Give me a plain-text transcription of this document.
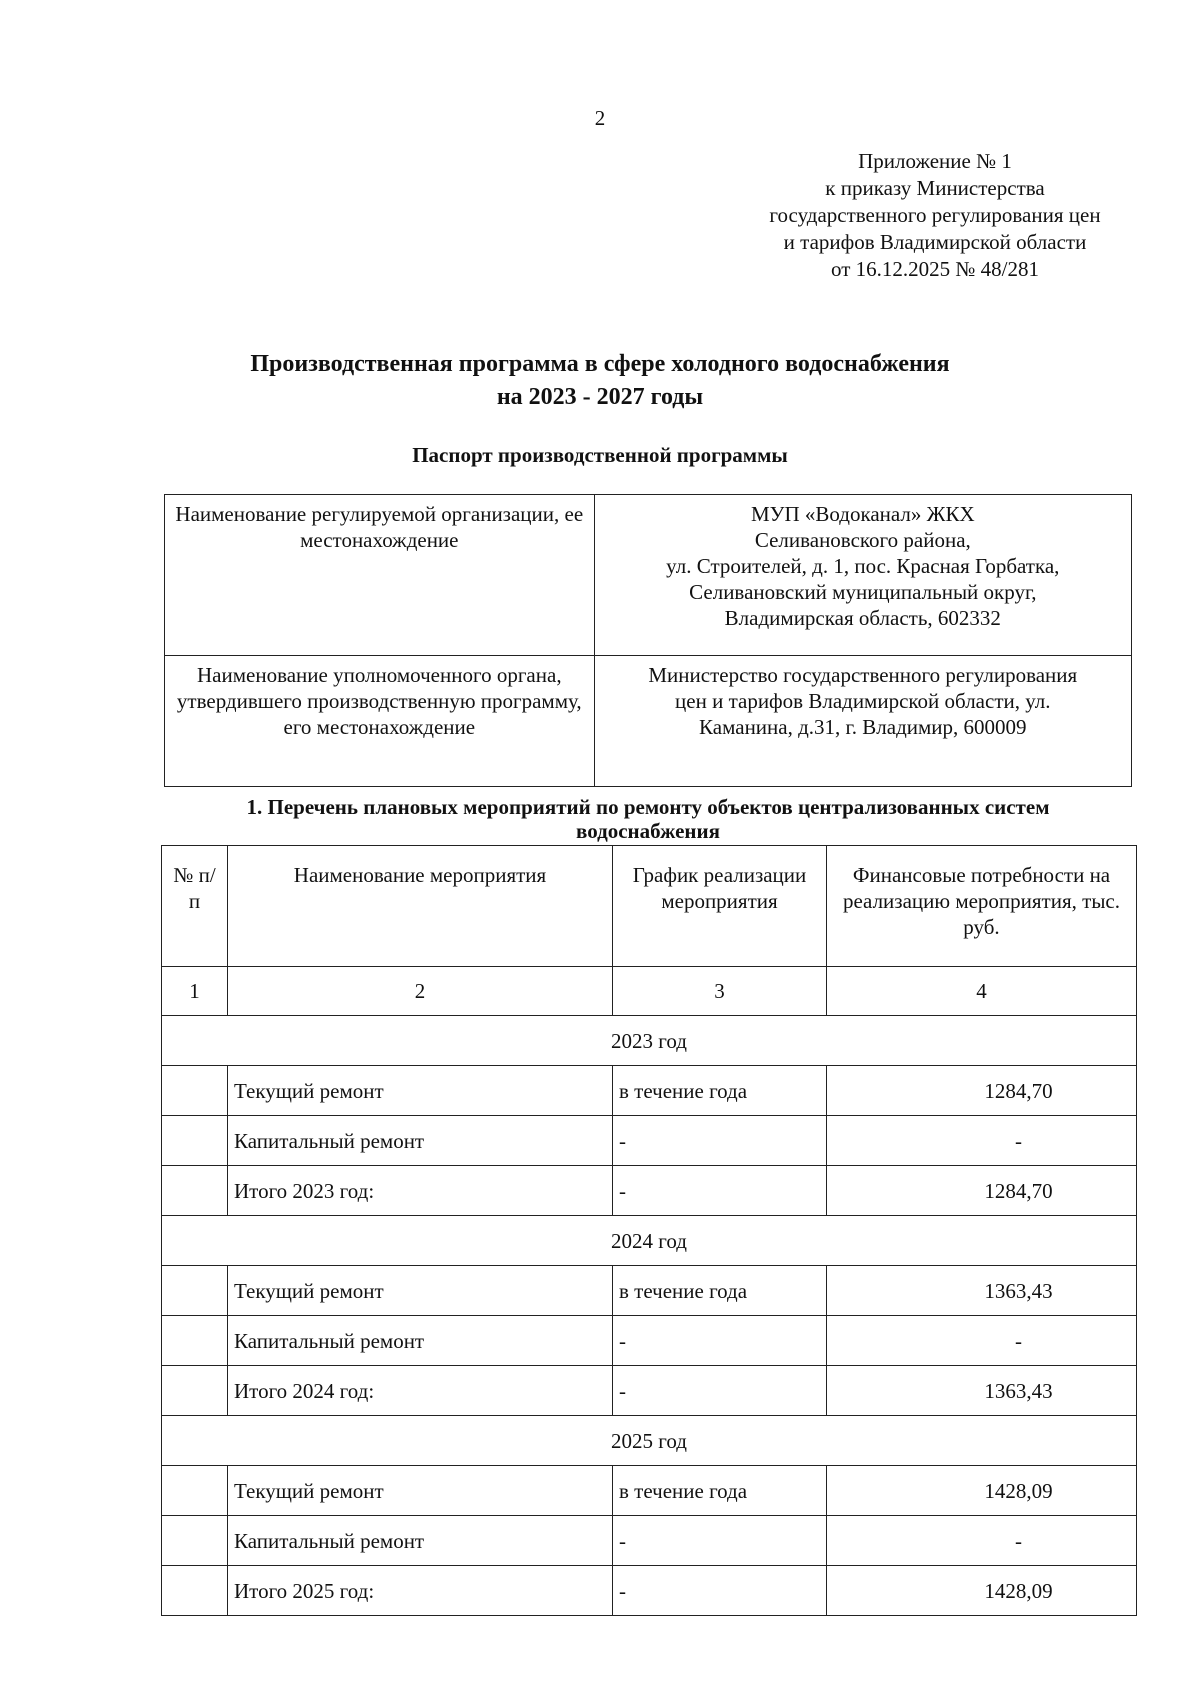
2
Приложение № 1
к приказу Министерства
государственного регулирования цен
и тарифов Владимирской области
от 16.12.2025 № 48/281
Производственная программа в сфере холодного водоснабжения
на 2023 - 2027 годы
Паспорт производственной программы
Наименование регулируемой организации, ее местонахождение	МУП «Водоканал» ЖКХ
Селивановского района,
ул. Строителей, д. 1, пос. Красная Горбатка,
Селивановский муниципальный округ,
Владимирская область, 602332

Наименование уполномоченного органа, утвердившего производственную программу, его местонахождение	Министерство государственного регулирования
цен и тарифов Владимирской области, ул.
Каманина, д.31, г. Владимир, 600009
1. Перечень плановых мероприятий по ремонту объектов централизованных систем
водоснабжения
№ п/п	Наименование мероприятия	График реализации мероприятия	Финансовые потребности на реализацию мероприятия, тыс. руб.
1	2	3	4
2023 год			
	Текущий ремонт	в течение года	1284,70
	Капитальный ремонт	-	-
	Итого 2023 год:	-	1284,70
2024 год			
	Текущий ремонт	в течение года	1363,43
	Капитальный ремонт	-	-
	Итого 2024 год:	-	1363,43
2025 год			
	Текущий ремонт	в течение года	1428,09
	Капитальный ремонт	-	-
	Итого 2025 год:	-	1428,09
